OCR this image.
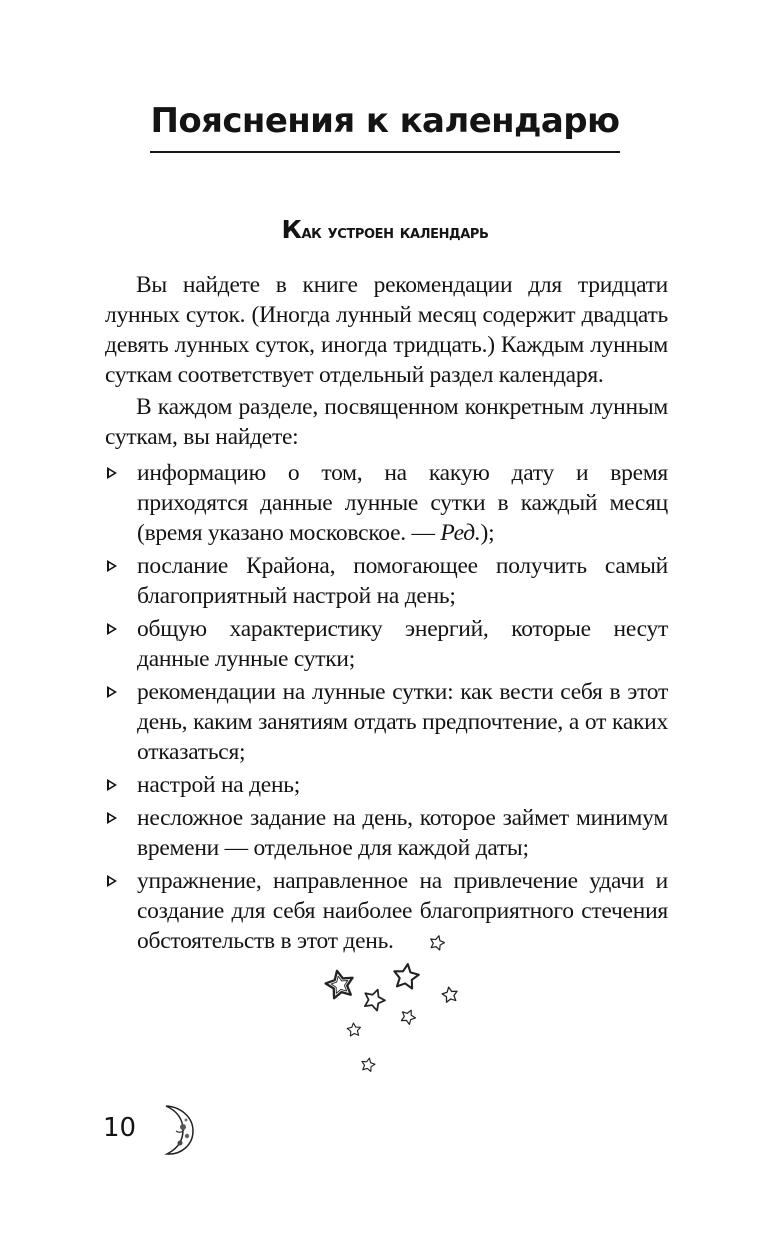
Пояснения к календарю
Как устроен календарь

Вы найдете в книге рекомендации для тридцати лунных суток. (Иногда лунный месяц содержит двадцать девять лунных суток, иногда тридцать.) Каждым лунным суткам соответствует отдельный раздел календаря.

В каждом разделе, посвященном конкретным лунным суткам, вы найдете:

информацию о том, на какую дату и время приходятся данные лунные сутки в каждый месяц (время указано московское. — Ред.);
послание Крайона, помогающее получить самый благоприятный настрой на день;
общую характеристику энергий, которые несут данные лунные сутки;
рекомендации на лунные сутки: как вести себя в этот день, каким занятиям отдать предпочтение, а от каких отказаться;
настрой на день;
несложное задание на день, которое займет минимум времени — отдельное для каждой даты;
упражнение, направленное на привлечение удачи и создание для себя наиболее благоприятного стечения обстоятельств в этот день.
10
